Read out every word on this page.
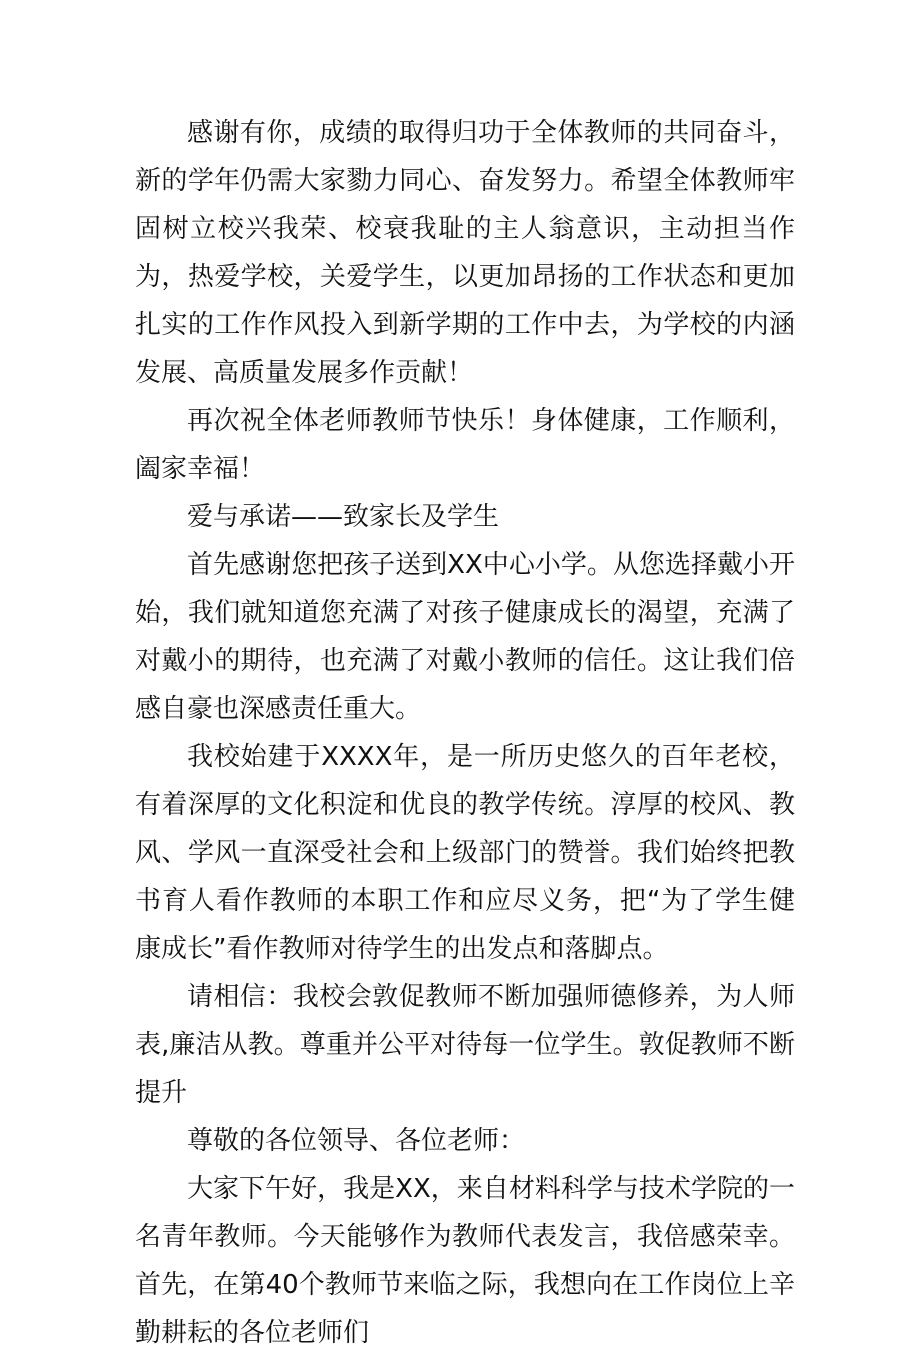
感谢有你，成绩的取得归功于全体教师的共同奋斗，新的学年仍需大家勠力同心、奋发努力。希望全体教师牢固树立校兴我荣、校衰我耻的主人翁意识，主动担当作为，热爱学校，关爱学生，以更加昂扬的工作状态和更加扎实的工作作风投入到新学期的工作中去，为学校的内涵发展、高质量发展多作贡献！

再次祝全体老师教师节快乐！身体健康，工作顺利，阖家幸福！

爱与承诺——致家长及学生

首先感谢您把孩子送到XX中心小学。从您选择戴小开始，我们就知道您充满了对孩子健康成长的渴望，充满了对戴小的期待，也充满了对戴小教师的信任。这让我们倍感自豪也深感责任重大。

我校始建于XXXX年，是一所历史悠久的百年老校，有着深厚的文化积淀和优良的教学传统。淳厚的校风、教风、学风一直深受社会和上级部门的赞誉。我们始终把教书育人看作教师的本职工作和应尽义务，把“为了学生健康成长”看作教师对待学生的出发点和落脚点。

请相信：我校会敦促教师不断加强师德修养，为人师表,廉洁从教。尊重并公平对待每一位学生。敦促教师不断提升

尊敬的各位领导、各位老师：

大家下午好，我是XX，来自材料科学与技术学院的一名青年教师。今天能够作为教师代表发言，我倍感荣幸。首先，在第40个教师节来临之际，我想向在工作岗位上辛勤耕耘的各位老师们
